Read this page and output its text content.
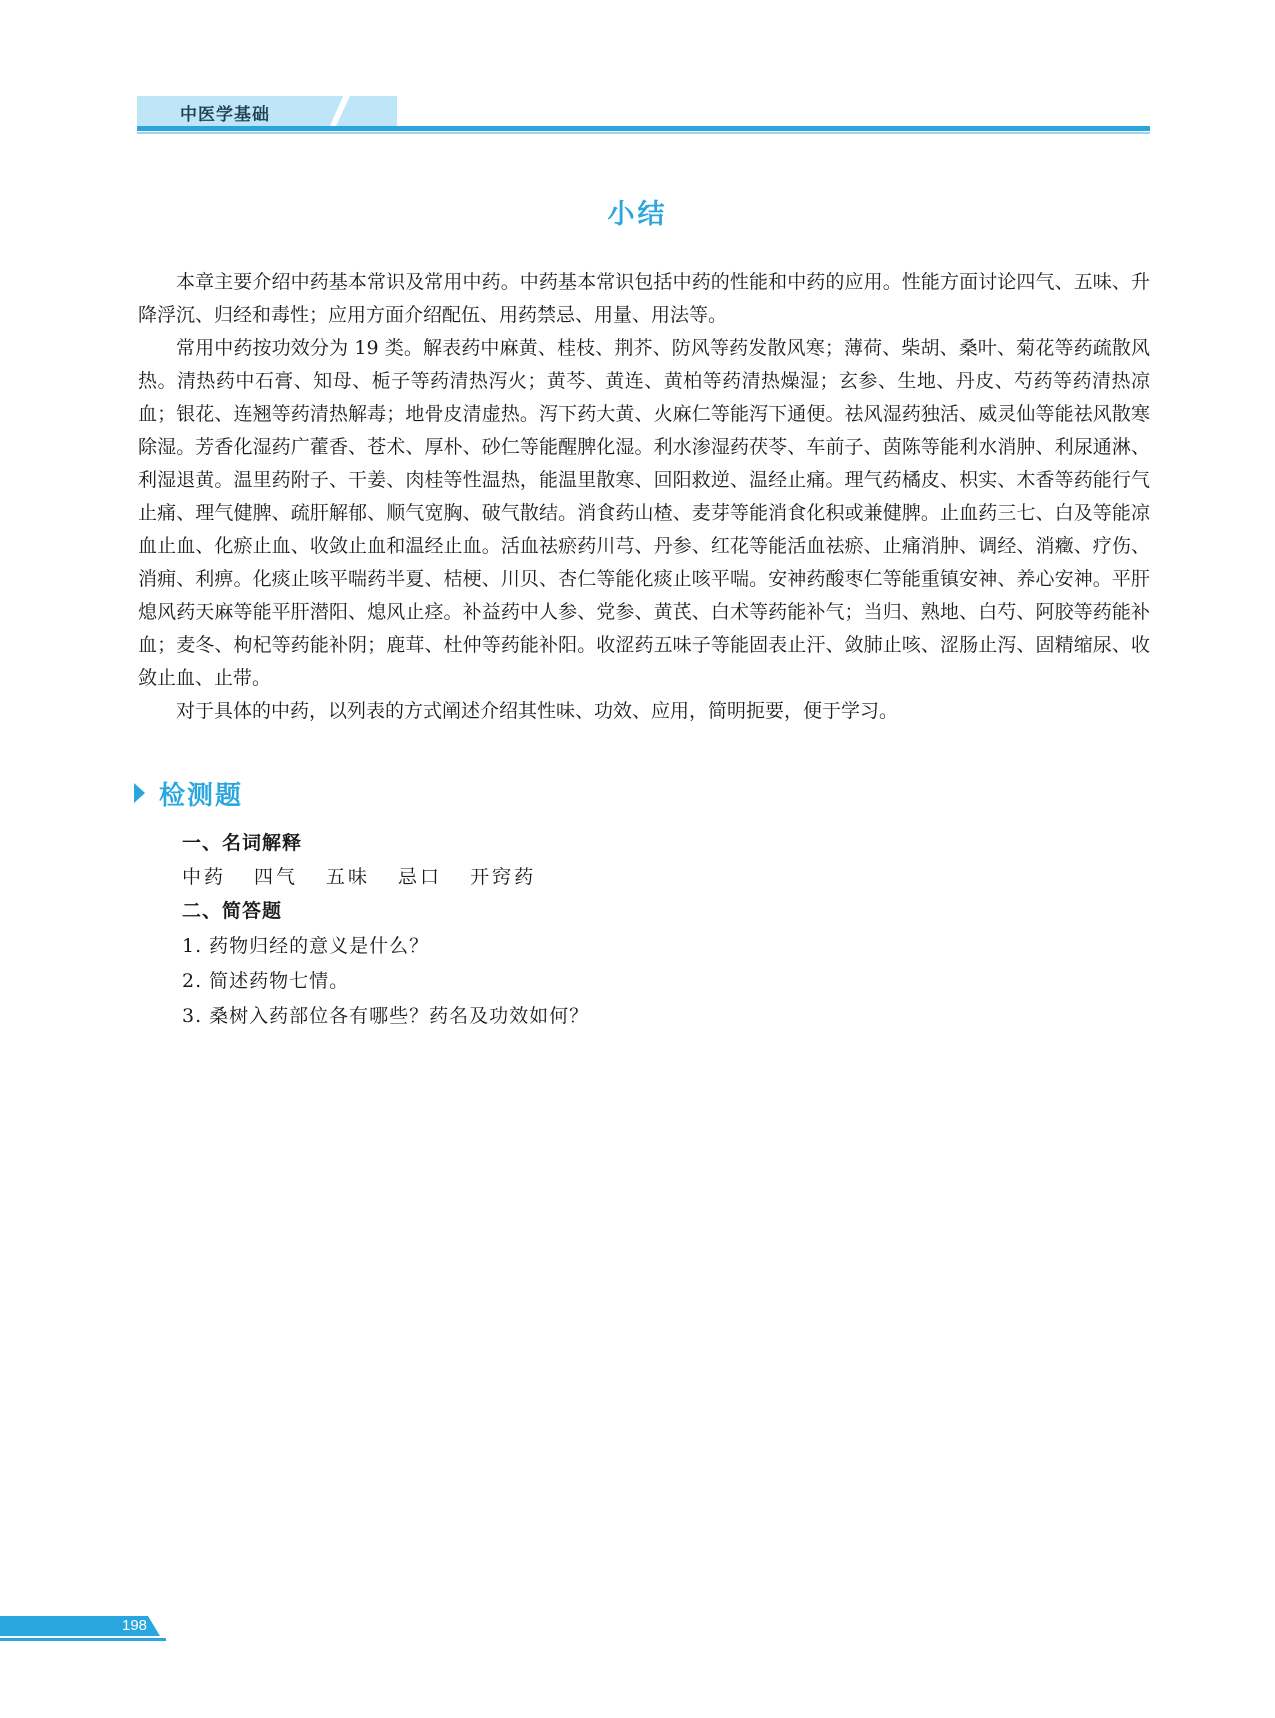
中医学基础
小结

本章主要介绍中药基本常识及常用中药。中药基本常识包括中药的性能和中药的应用。性能方面讨论四气、五味、升降浮沉、归经和毒性；应用方面介绍配伍、用药禁忌、用量、用法等。

常用中药按功效分为 19 类。解表药中麻黄、桂枝、荆芥、防风等药发散风寒；薄荷、柴胡、桑叶、菊花等药疏散风热。清热药中石膏、知母、栀子等药清热泻火；黄芩、黄连、黄柏等药清热燥湿；玄参、生地、丹皮、芍药等药清热凉血；银花、连翘等药清热解毒；地骨皮清虚热。泻下药大黄、火麻仁等能泻下通便。祛风湿药独活、威灵仙等能祛风散寒除湿。芳香化湿药广藿香、苍术、厚朴、砂仁等能醒脾化湿。利水渗湿药茯苓、车前子、茵陈等能利水消肿、利尿通淋、利湿退黄。温里药附子、干姜、肉桂等性温热，能温里散寒、回阳救逆、温经止痛。理气药橘皮、枳实、木香等药能行气止痛、理气健脾、疏肝解郁、顺气宽胸、破气散结。消食药山楂、麦芽等能消食化积或兼健脾。止血药三七、白及等能凉血止血、化瘀止血、收敛止血和温经止血。活血祛瘀药川芎、丹参、红花等能活血祛瘀、止痛消肿、调经、消癥、疗伤、消痈、利痹。化痰止咳平喘药半夏、桔梗、川贝、杏仁等能化痰止咳平喘。安神药酸枣仁等能重镇安神、养心安神。平肝熄风药天麻等能平肝潜阳、熄风止痉。补益药中人参、党参、黄芪、白术等药能补气；当归、熟地、白芍、阿胶等药能补血；麦冬、枸杞等药能补阴；鹿茸、杜仲等药能补阳。收涩药五味子等能固表止汗、敛肺止咳、涩肠止泻、固精缩尿、收敛止血、止带。

对于具体的中药，以列表的方式阐述介绍其性味、功效、应用，简明扼要，便于学习。

检测题
一、名词解释
中药 四气 五味 忌口 开窍药
二、简答题
1. 药物归经的意义是什么？
2. 简述药物七情。
3. 桑树入药部位各有哪些？药名及功效如何？
198
